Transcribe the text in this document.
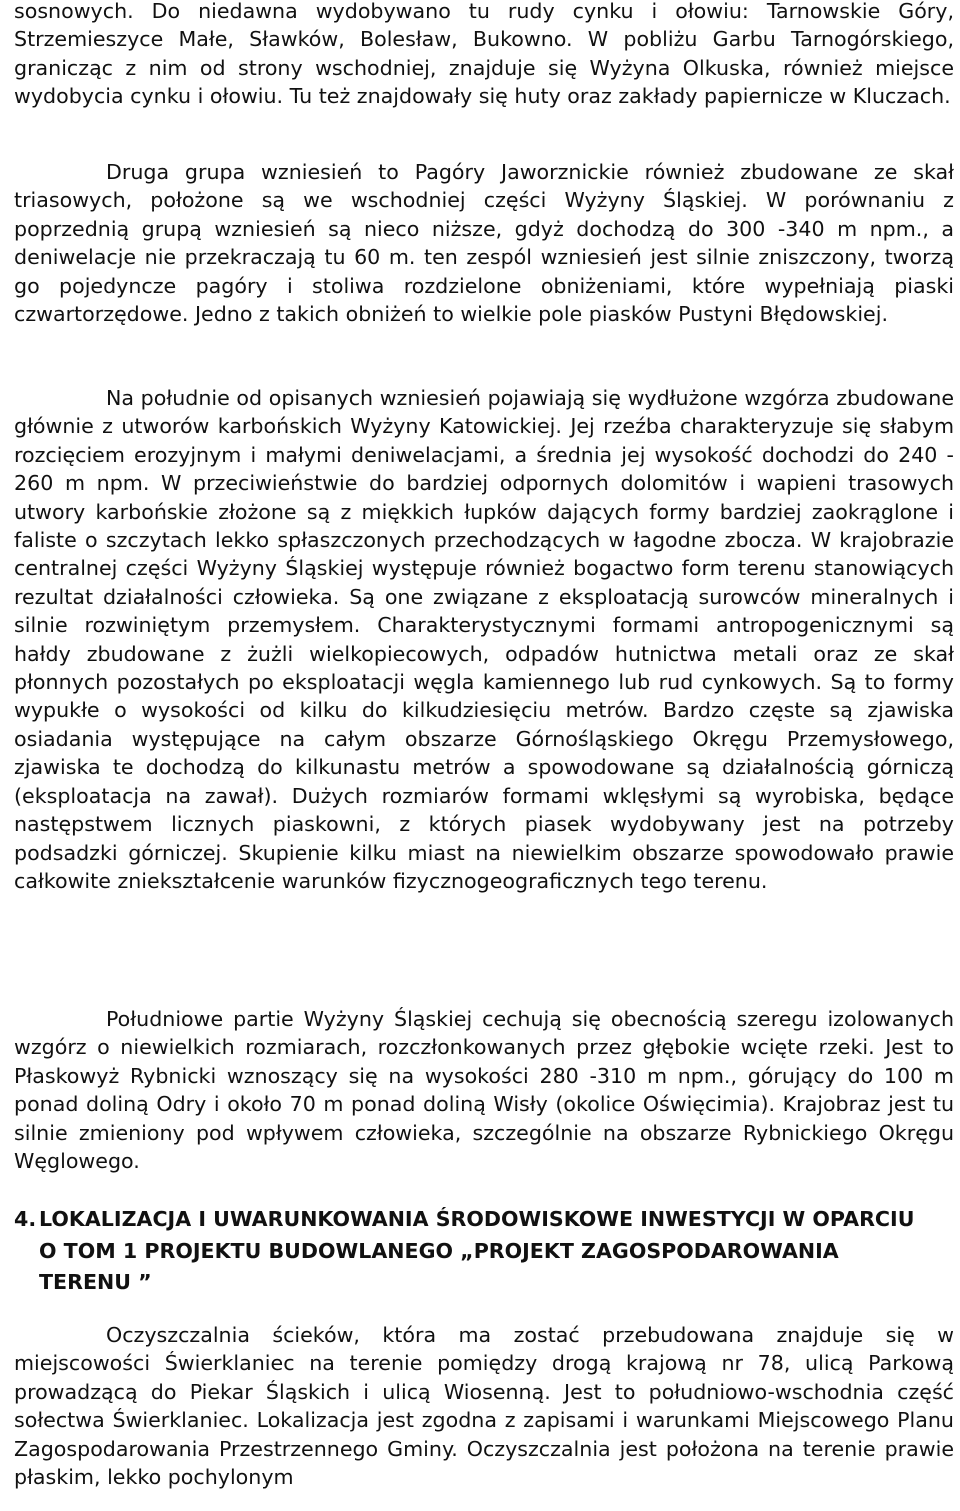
sosnowych. Do niedawna wydobywano tu rudy cynku i ołowiu: Tarnowskie Góry, Strzemieszyce Małe, Sławków, Bolesław, Bukowno. W pobliżu Garbu Tarnogórskiego, granicząc z nim od strony wschodniej, znajduje się Wyżyna Olkuska, również miejsce wydobycia cynku i ołowiu. Tu też znajdowały się huty oraz zakłady papiernicze w Kluczach.

Druga grupa wzniesień to Pagóry Jaworznickie również zbudowane ze skał triasowych, położone są we wschodniej części Wyżyny Śląskiej. W porównaniu z poprzednią grupą wzniesień są nieco niższe, gdyż dochodzą do 300 -340 m npm., a deniwelacje nie przekraczają tu 60 m. ten zespól wzniesień jest silnie zniszczony, tworzą go pojedyncze pagóry i stoliwa rozdzielone obniżeniami, które wypełniają piaski czwartorzędowe. Jedno z takich obniżeń to wielkie pole piasków Pustyni Błędowskiej.

Na południe od opisanych wzniesień pojawiają się wydłużone wzgórza zbudowane głównie z utworów karbońskich Wyżyny Katowickiej. Jej rzeźba charakteryzuje się słabym rozcięciem erozyjnym i małymi deniwelacjami, a średnia jej wysokość dochodzi do 240 - 260 m npm. W przeciwieństwie do bardziej odpornych dolomitów i wapieni trasowych utwory karbońskie złożone są z miękkich łupków dających formy bardziej zaokrąglone i faliste o szczytach lekko spłaszczonych przechodzących w łagodne zbocza. W krajobrazie centralnej części Wyżyny Śląskiej występuje również bogactwo form terenu stanowiących rezultat działalności człowieka. Są one związane z eksploatacją surowców mineralnych i silnie rozwiniętym przemysłem. Charakterystycznymi formami antropogenicznymi są hałdy zbudowane z żużli wielkopiecowych, odpadów hutnictwa metali oraz ze skał płonnych pozostałych po eksploatacji węgla kamiennego lub rud cynkowych. Są to formy wypukłe o wysokości od kilku do kilkudziesięciu metrów. Bardzo częste są zjawiska osiadania występujące na całym obszarze Górnośląskiego Okręgu Przemysłowego, zjawiska te dochodzą do kilkunastu metrów a spowodowane są działalnością górniczą (eksploatacja na zawał). Dużych rozmiarów formami wklęsłymi są wyrobiska, będące następstwem licznych piaskowni, z których piasek wydobywany jest na potrzeby podsadzki górniczej. Skupienie kilku miast na niewielkim obszarze spowodowało prawie całkowite zniekształcenie warunków fizycznogeograficznych tego terenu.

Południowe partie Wyżyny Śląskiej cechują się obecnością szeregu izolowanych wzgórz o niewielkich rozmiarach, rozczłonkowanych przez głębokie wcięte rzeki. Jest to Płaskowyż Rybnicki wznoszący się na wysokości 280 -310 m npm., górujący do 100 m ponad doliną Odry i około 70 m ponad doliną Wisły (okolice Oświęcimia). Krajobraz jest tu silnie zmieniony pod wpływem człowieka, szczególnie na obszarze Rybnickiego Okręgu Węglowego.

4. LOKALIZACJA I UWARUNKOWANIA ŚRODOWISKOWE INWESTYCJI W OPARCIU O TOM 1 PROJEKTU BUDOWLANEGO „PROJEKT ZAGOSPODAROWANIA TERENU ”

Oczyszczalnia ścieków, która ma zostać przebudowana znajduje się w miejscowości Świerklaniec na terenie pomiędzy drogą krajową nr 78, ulicą Parkową prowadzącą do Piekar Śląskich i ulicą Wiosenną. Jest to południowo-wschodnia część sołectwa Świerklaniec. Lokalizacja jest zgodna z zapisami i warunkami Miejscowego Planu Zagospodarowania Przestrzennego Gminy. Oczyszczalnia jest położona na terenie prawie płaskim, lekko pochylonym
